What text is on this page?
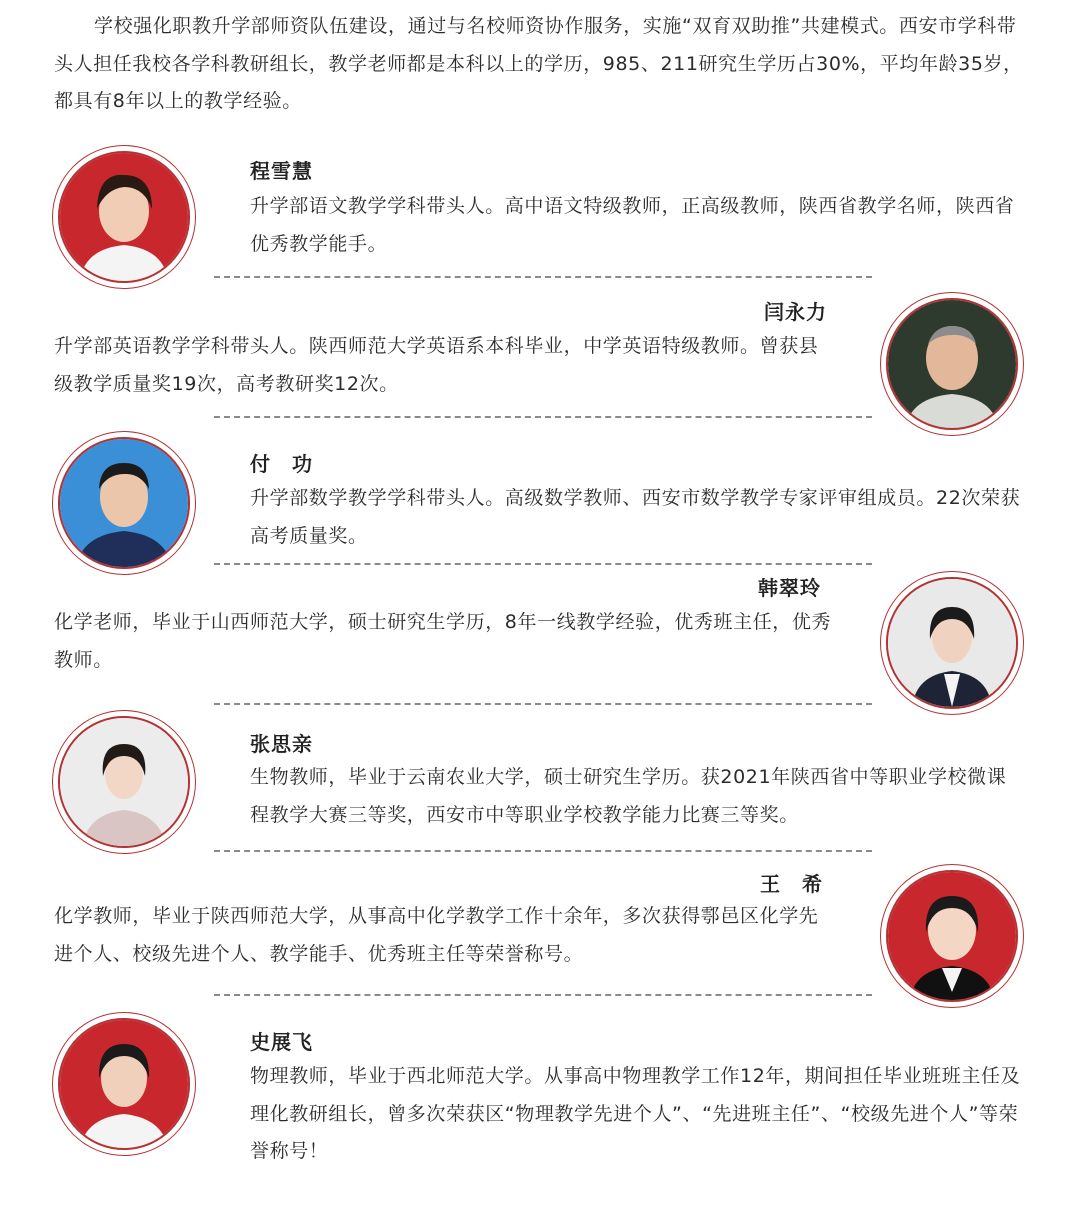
学校强化职教升学部师资队伍建设，通过与名校师资协作服务，实施“双育双助推”共建模式。西安市学科带头人担任我校各学科教研组长，教学老师都是本科以上的学历，985、211研究生学历占30%，平均年龄35岁，都具有8年以上的教学经验。

程雪慧

升学部语文教学学科带头人。高中语文特级教师，正高级教师，陕西省教学名师，陕西省优秀教学能手。

闫永力

升学部英语教学学科带头人。陕西师范大学英语系本科毕业，中学英语特级教师。曾获县级教学质量奖19次，高考教研奖12次。

付　功

升学部数学教学学科带头人。高级数学教师、西安市数学教学专家评审组成员。22次荣获高考质量奖。

韩翠玲

化学老师，毕业于山西师范大学，硕士研究生学历，8年一线教学经验，优秀班主任，优秀教师。

张思亲

生物教师，毕业于云南农业大学，硕士研究生学历。获2021年陕西省中等职业学校微课程教学大赛三等奖，西安市中等职业学校教学能力比赛三等奖。

王　希

化学教师，毕业于陕西师范大学，从事高中化学教学工作十余年，多次获得鄠邑区化学先进个人、校级先进个人、教学能手、优秀班主任等荣誉称号。

史展飞

物理教师，毕业于西北师范大学。从事高中物理教学工作12年，期间担任毕业班班主任及理化教研组长，曾多次荣获区“物理教学先进个人”、“先进班主任”、“校级先进个人”等荣誉称号！
